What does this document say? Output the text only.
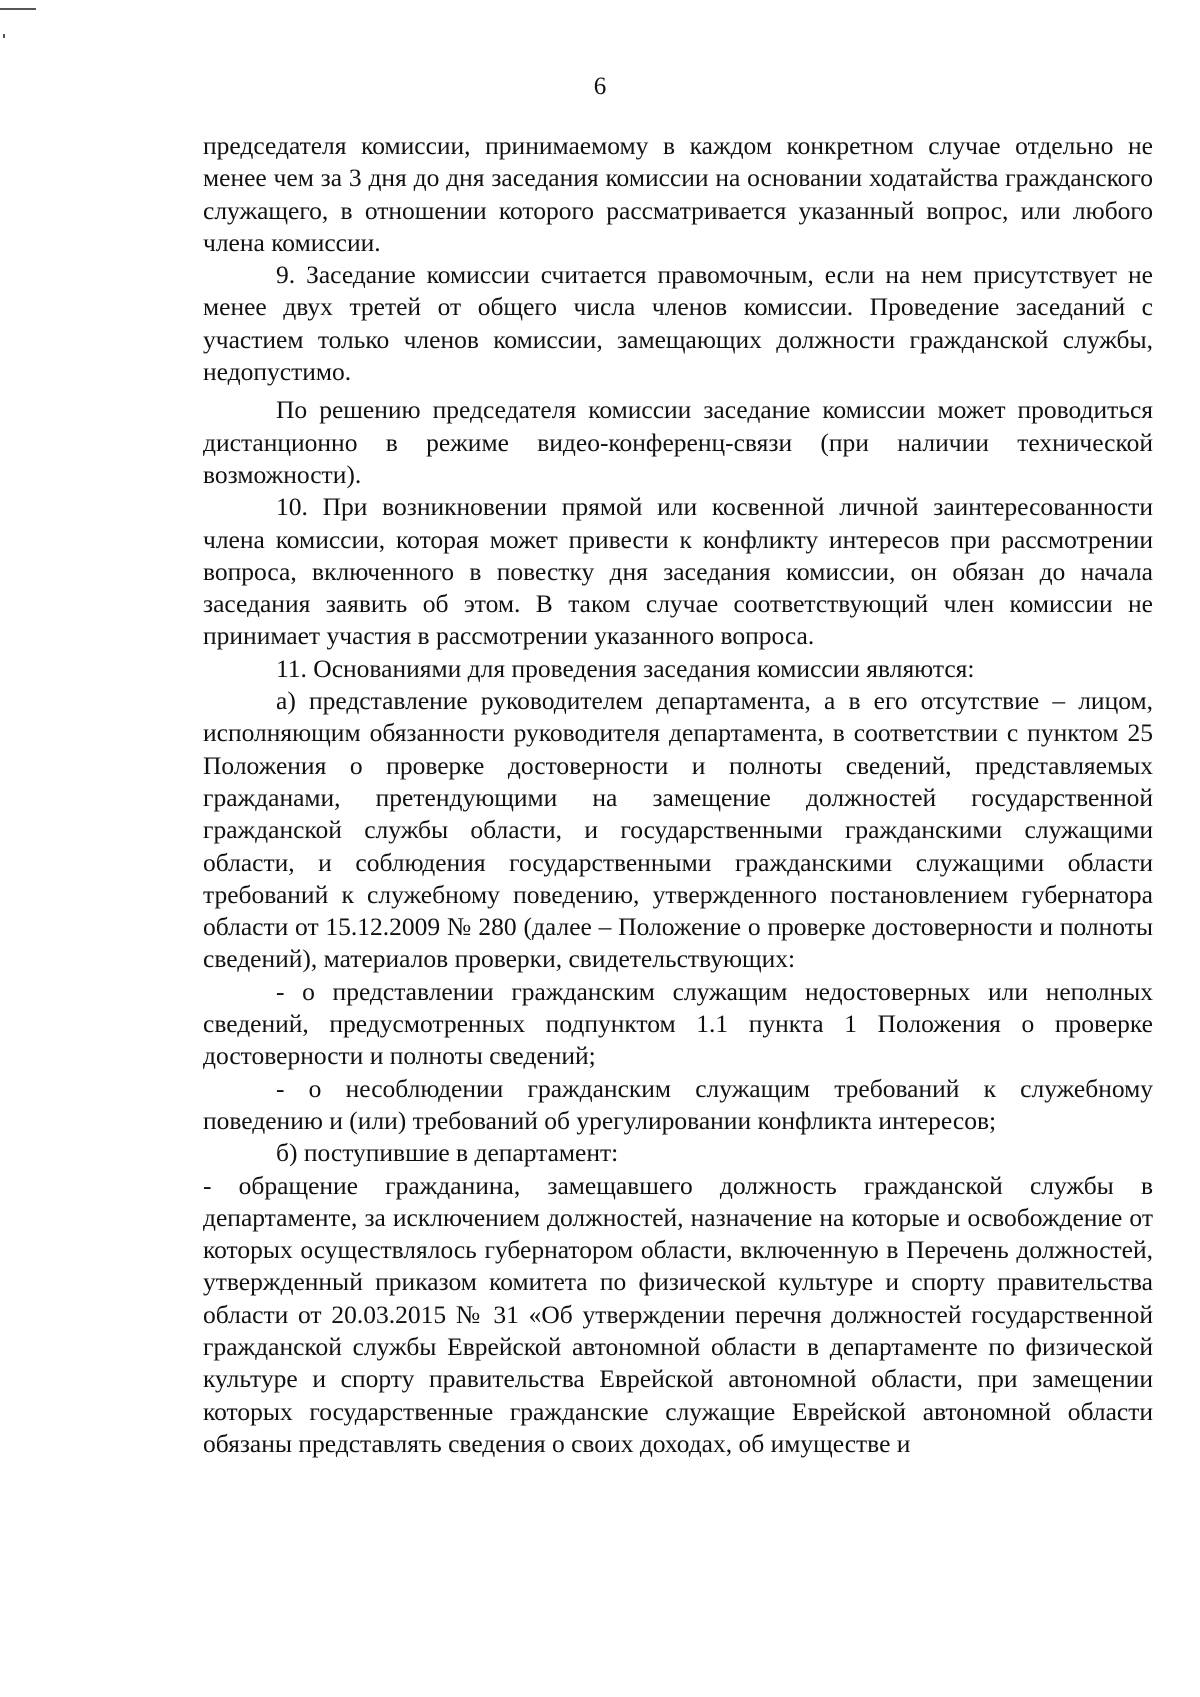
6

председателя комиссии, принимаемому в каждом конкретном случае отдельно не менее чем за 3 дня до дня заседания комиссии на основании ходатайства гражданского служащего, в отношении которого рассматривается указанный вопрос, или любого члена комиссии.

9. Заседание комиссии считается правомочным, если на нем присутствует не менее двух третей от общего числа членов комиссии. Проведение заседаний с участием только членов комиссии, замещающих должности гражданской службы, недопустимо.

По решению председателя комиссии заседание комиссии может проводиться дистанционно в режиме видео-конференц-связи (при наличии технической возможности).

10. При возникновении прямой или косвенной личной заинтересованности члена комиссии, которая может привести к конфликту интересов при рассмотрении вопроса, включенного в повестку дня заседания комиссии, он обязан до начала заседания заявить об этом. В таком случае соответствующий член комиссии не принимает участия в рассмотрении указанного вопроса.

11. Основаниями для проведения заседания комиссии являются:

а) представление руководителем департамента, а в его отсутствие – лицом, исполняющим обязанности руководителя департамента, в соответствии с пунктом 25 Положения о проверке достоверности и полноты сведений, представляемых гражданами, претендующими на замещение должностей государственной гражданской службы области, и государственными гражданскими служащими области, и соблюдения государственными гражданскими служащими области требований к служебному поведению, утвержденного постановлением губернатора области от 15.12.2009 № 280 (далее – Положение о проверке достоверности и полноты сведений), материалов проверки, свидетельствующих:

- о представлении гражданским служащим недостоверных или неполных сведений, предусмотренных подпунктом 1.1 пункта 1 Положения о проверке достоверности и полноты сведений;

- о несоблюдении гражданским служащим требований к служебному поведению и (или) требований об урегулировании конфликта интересов;

б) поступившие в департамент:

- обращение гражданина, замещавшего должность гражданской службы в департаменте, за исключением должностей, назначение на которые и освобождение от которых осуществлялось губернатором области, включенную в Перечень должностей, утвержденный приказом комитета по физической культуре и спорту правительства области от 20.03.2015 № 31 «Об утверждении перечня должностей государственной гражданской службы Еврейской автономной области в департаменте по физической культуре и спорту правительства Еврейской автономной области, при замещении которых государственные гражданские служащие Еврейской автономной области обязаны представлять сведения о своих доходах, об имуществе и
